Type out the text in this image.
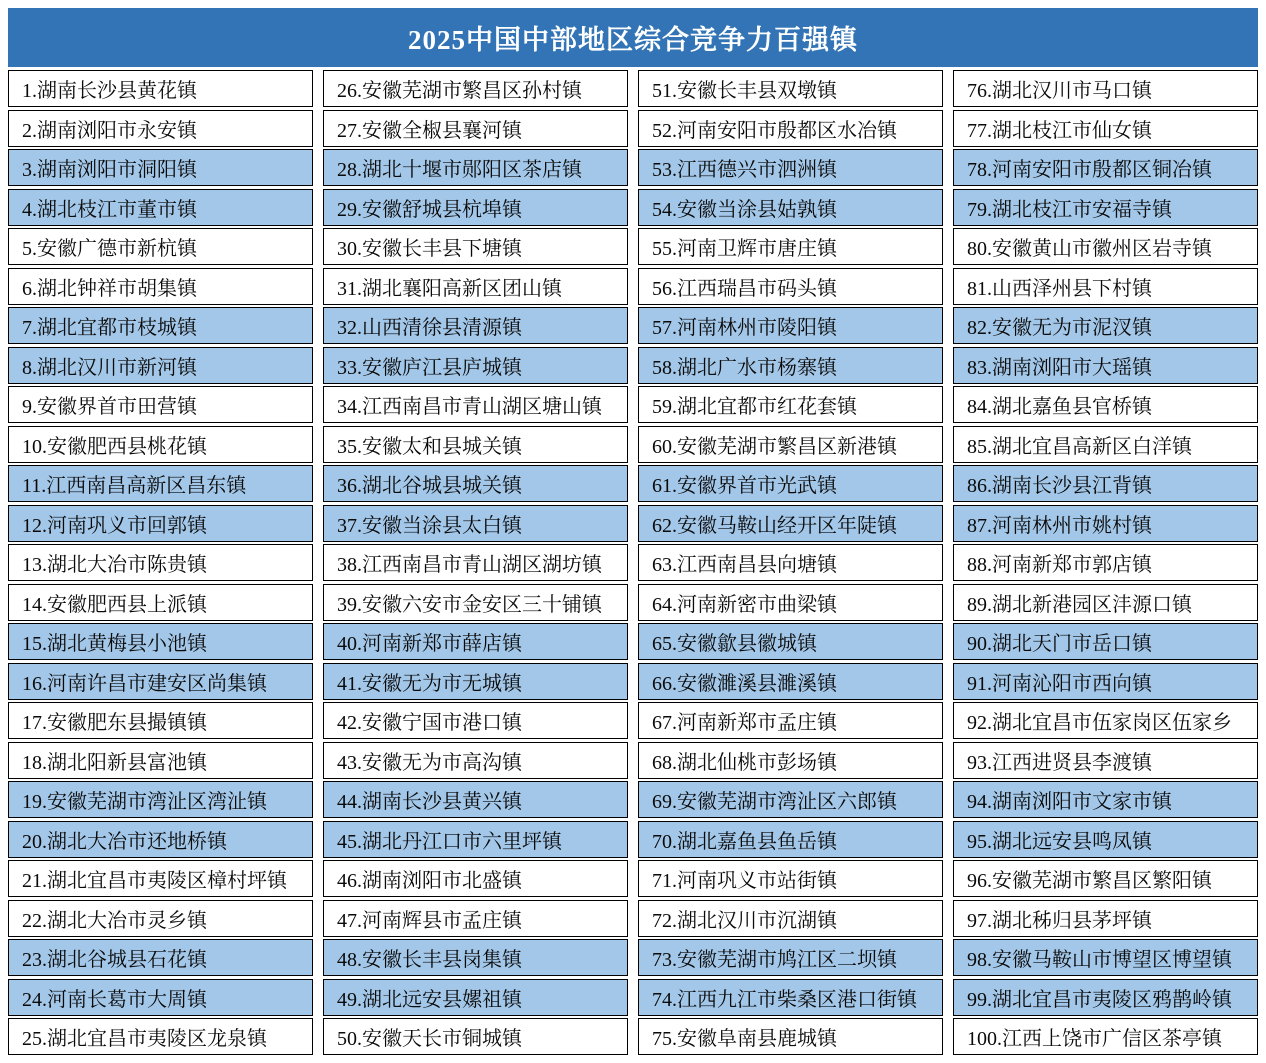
2025中国中部地区综合竞争力百强镇
1.湖南长沙县黄花镇
2.湖南浏阳市永安镇
3.湖南浏阳市洞阳镇
4.湖北枝江市董市镇
5.安徽广德市新杭镇
6.湖北钟祥市胡集镇
7.湖北宜都市枝城镇
8.湖北汉川市新河镇
9.安徽界首市田营镇
10.安徽肥西县桃花镇
11.江西南昌高新区昌东镇
12.河南巩义市回郭镇
13.湖北大冶市陈贵镇
14.安徽肥西县上派镇
15.湖北黄梅县小池镇
16.河南许昌市建安区尚集镇
17.安徽肥东县撮镇镇
18.湖北阳新县富池镇
19.安徽芜湖市湾沚区湾沚镇
20.湖北大冶市还地桥镇
21.湖北宜昌市夷陵区樟村坪镇
22.湖北大冶市灵乡镇
23.湖北谷城县石花镇
24.河南长葛市大周镇
25.湖北宜昌市夷陵区龙泉镇
26.安徽芜湖市繁昌区孙村镇
27.安徽全椒县襄河镇
28.湖北十堰市郧阳区茶店镇
29.安徽舒城县杭埠镇
30.安徽长丰县下塘镇
31.湖北襄阳高新区团山镇
32.山西清徐县清源镇
33.安徽庐江县庐城镇
34.江西南昌市青山湖区塘山镇
35.安徽太和县城关镇
36.湖北谷城县城关镇
37.安徽当涂县太白镇
38.江西南昌市青山湖区湖坊镇
39.安徽六安市金安区三十铺镇
40.河南新郑市薛店镇
41.安徽无为市无城镇
42.安徽宁国市港口镇
43.安徽无为市高沟镇
44.湖南长沙县黄兴镇
45.湖北丹江口市六里坪镇
46.湖南浏阳市北盛镇
47.河南辉县市孟庄镇
48.安徽长丰县岗集镇
49.湖北远安县嫘祖镇
50.安徽天长市铜城镇
51.安徽长丰县双墩镇
52.河南安阳市殷都区水冶镇
53.江西德兴市泗洲镇
54.安徽当涂县姑孰镇
55.河南卫辉市唐庄镇
56.江西瑞昌市码头镇
57.河南林州市陵阳镇
58.湖北广水市杨寨镇
59.湖北宜都市红花套镇
60.安徽芜湖市繁昌区新港镇
61.安徽界首市光武镇
62.安徽马鞍山经开区年陡镇
63.江西南昌县向塘镇
64.河南新密市曲梁镇
65.安徽歙县徽城镇
66.安徽濉溪县濉溪镇
67.河南新郑市孟庄镇
68.湖北仙桃市彭场镇
69.安徽芜湖市湾沚区六郎镇
70.湖北嘉鱼县鱼岳镇
71.河南巩义市站街镇
72.湖北汉川市沉湖镇
73.安徽芜湖市鸠江区二坝镇
74.江西九江市柴桑区港口街镇
75.安徽阜南县鹿城镇
76.湖北汉川市马口镇
77.湖北枝江市仙女镇
78.河南安阳市殷都区铜冶镇
79.湖北枝江市安福寺镇
80.安徽黄山市徽州区岩寺镇
81.山西泽州县下村镇
82.安徽无为市泥汊镇
83.湖南浏阳市大瑶镇
84.湖北嘉鱼县官桥镇
85.湖北宜昌高新区白洋镇
86.湖南长沙县江背镇
87.河南林州市姚村镇
88.河南新郑市郭店镇
89.湖北新港园区沣源口镇
90.湖北天门市岳口镇
91.河南沁阳市西向镇
92.湖北宜昌市伍家岗区伍家乡
93.江西进贤县李渡镇
94.湖南浏阳市文家市镇
95.湖北远安县鸣凤镇
96.安徽芜湖市繁昌区繁阳镇
97.湖北秭归县茅坪镇
98.安徽马鞍山市博望区博望镇
99.湖北宜昌市夷陵区鸦鹊岭镇
100.江西上饶市广信区茶亭镇
